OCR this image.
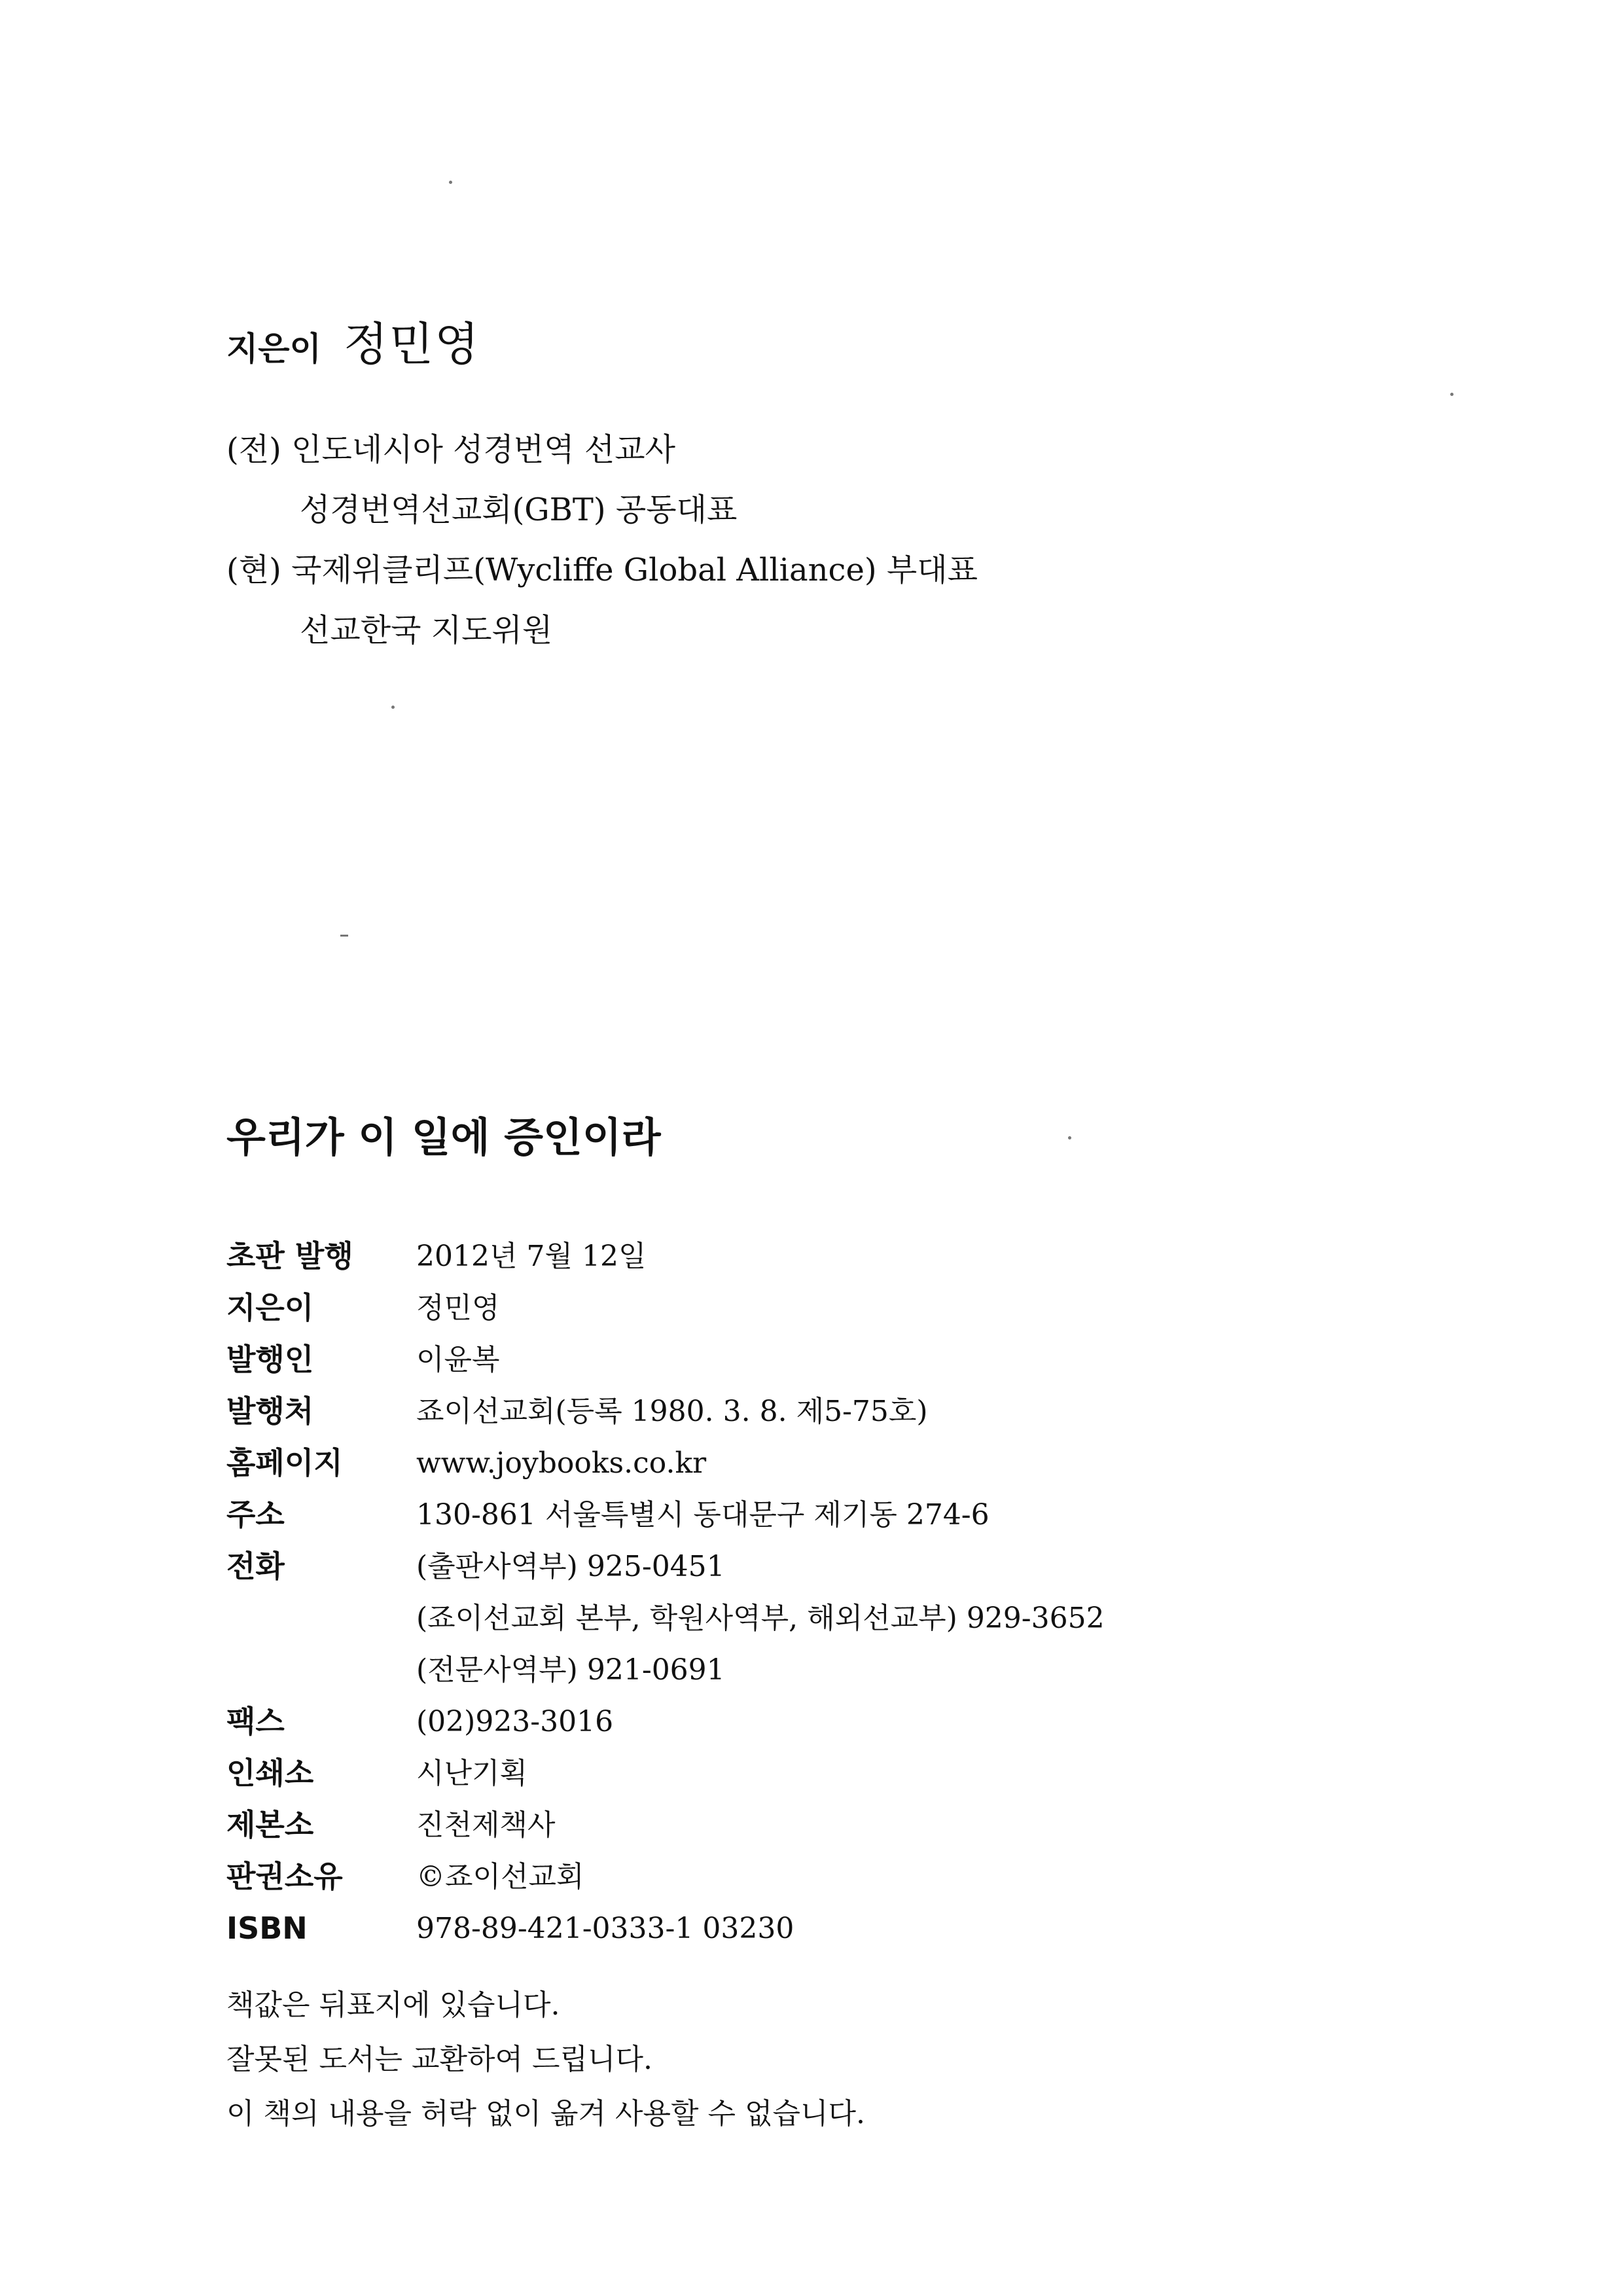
지은이 정민영
(전) 인도네시아 성경번역 선교사
성경번역선교회(GBT) 공동대표
(현) 국제위클리프(Wycliffe Global Alliance) 부대표
선교한국 지도위원
우리가 이 일에 증인이라
초판 발행	2012년 7월 12일
지은이	정민영
발행인	이윤복
발행처	죠이선교회(등록 1980. 3. 8. 제5-75호)
홈페이지	www.joybooks.co.kr
주소	130-861 서울특별시 동대문구 제기동 274-6
전화	(출판사역부) 925-0451
(죠이선교회 본부, 학원사역부, 해외선교부) 929-3652
(전문사역부) 921-0691
팩스	(02)923-3016
인쇄소	시난기획
제본소	진천제책사
판권소유	©죠이선교회
ISBN	978-89-421-0333-1 03230
책값은 뒤표지에 있습니다.
잘못된 도서는 교환하여 드립니다.
이 책의 내용을 허락 없이 옮겨 사용할 수 없습니다.
